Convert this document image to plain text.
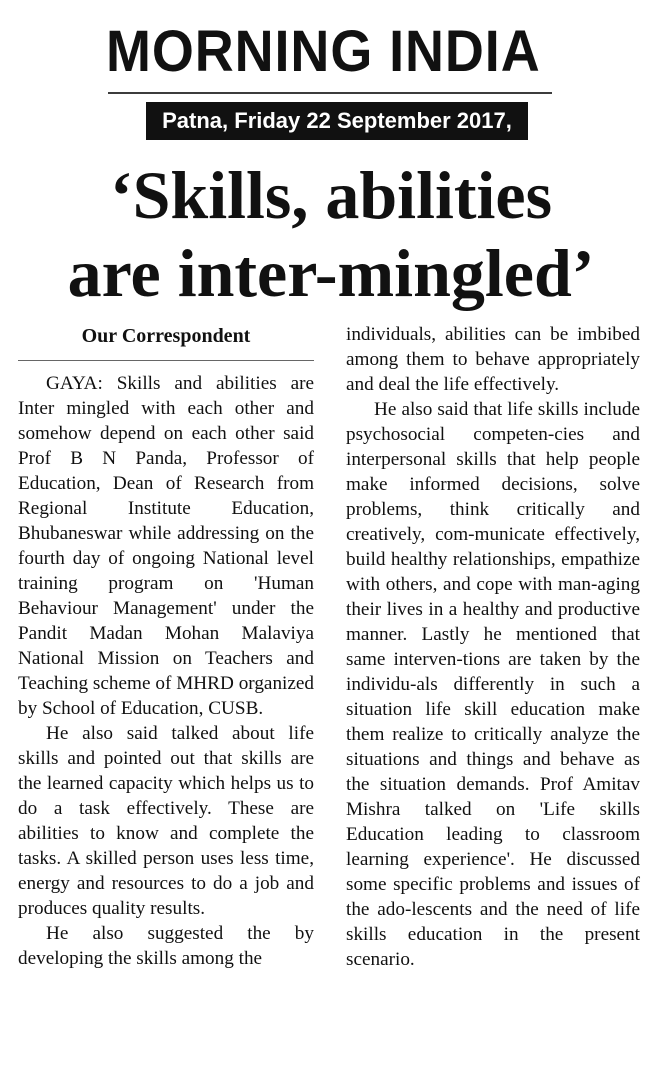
MORNING INDIA
Patna, Friday 22 September 2017,
‘Skills, abilities
are inter-mingled’
Our Correspondent

GAYA: Skills and abilities are Inter mingled with each other and somehow depend on each other said Prof B N Panda, Professor of Education, Dean of Research from Regional Institute Education, Bhubaneswar while addressing on the fourth day of ongoing National level training program on 'Human Behaviour Management' under the Pandit Madan Mohan Malaviya National Mission on Teachers and Teaching scheme of MHRD organized by School of Education, CUSB.

He also said talked about life skills and pointed out that skills are the learned capacity which helps us to do a task effectively. These are abilities to know and complete the tasks. A skilled person uses less time, energy and resources to do a job and produces quality results.

He also suggested the by developing the skills among the

individuals, abilities can be imbibed among them to behave appropriately and deal the life effectively.

He also said that life skills include psychosocial competen-cies and interpersonal skills that help people make informed decisions, solve problems, think critically and creatively, com-municate effectively, build healthy relationships, empathize with others, and cope with man-aging their lives in a healthy and productive manner. Lastly he mentioned that same interven-tions are taken by the individu-als differently in such a situation life skill education make them realize to critically analyze the situations and things and behave as the situation demands. Prof Amitav Mishra talked on 'Life skills Education leading to classroom learning experience'. He discussed some specific problems and issues of the ado-lescents and the need of life skills education in the present scenario.
